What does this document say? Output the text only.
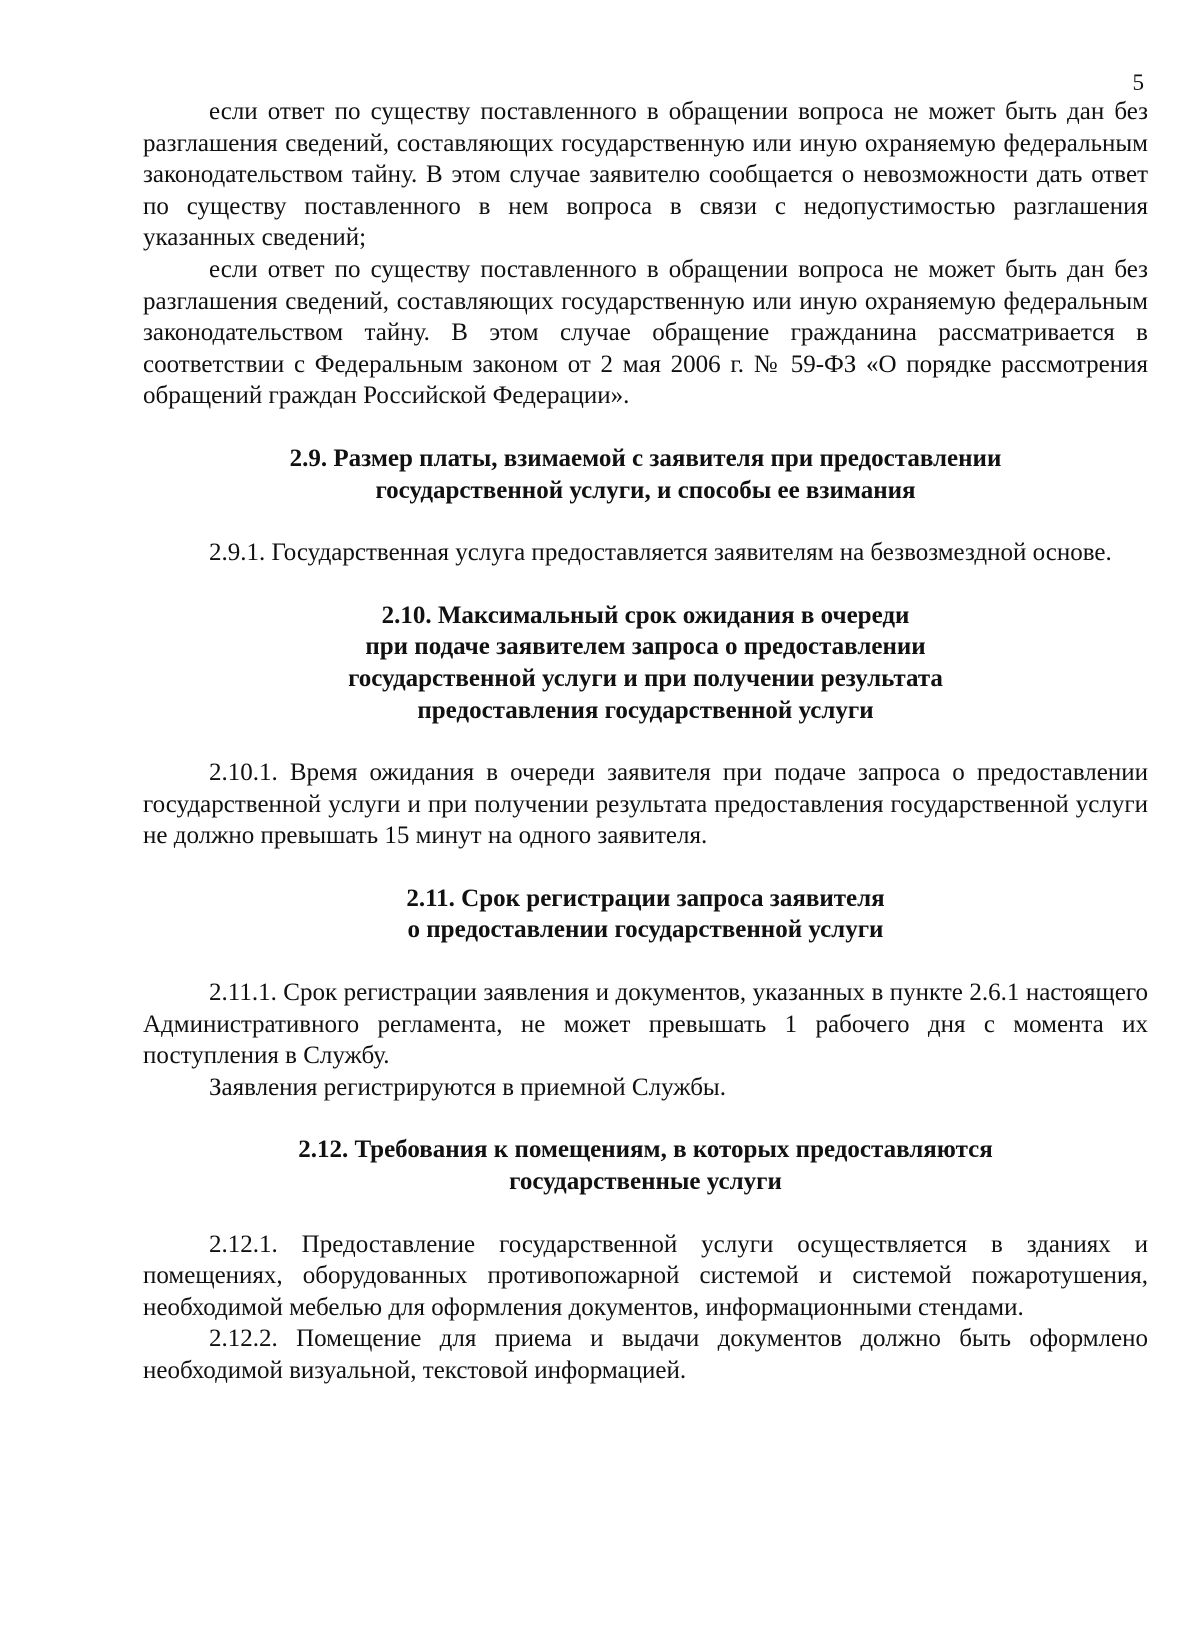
5

если ответ по существу поставленного в обращении вопроса не может быть дан без разглашения сведений, составляющих государственную или иную охраняемую федеральным законодательством тайну. В этом случае заявителю сообщается о невозможности дать ответ по существу поставленного в нем вопроса в связи с недопустимостью разглашения указанных сведений;

если ответ по существу поставленного в обращении вопроса не может быть дан без разглашения сведений, составляющих государственную или иную охраняемую федеральным законодательством тайну. В этом случае обращение гражданина рассматривается в соответствии с Федеральным законом от 2 мая 2006 г. № 59-ФЗ «О порядке рассмотрения обращений граждан Российской Федерации».

2.9. Размер платы, взимаемой с заявителя при предоставлении
государственной услуги, и способы ее взимания

2.9.1. Государственная услуга предоставляется заявителям на безвозмездной основе.

2.10. Максимальный срок ожидания в очереди
при подаче заявителем запроса о предоставлении
государственной услуги и при получении результата
предоставления государственной услуги

2.10.1. Время ожидания в очереди заявителя при подаче запроса о предоставлении государственной услуги и при получении результата предоставления государственной услуги не должно превышать 15 минут на одного заявителя.

2.11. Срок регистрации запроса заявителя
о предоставлении государственной услуги

2.11.1. Срок регистрации заявления и документов, указанных в пункте 2.6.1 настоящего Административного регламента, не может превышать 1 рабочего дня с момента их поступления в Службу.

Заявления регистрируются в приемной Службы.

2.12. Требования к помещениям, в которых предоставляются
государственные услуги

2.12.1. Предоставление государственной услуги осуществляется в зданиях и помещениях, оборудованных противопожарной системой и системой пожаротушения, необходимой мебелью для оформления документов, информационными стендами.

2.12.2. Помещение для приема и выдачи документов должно быть оформлено необходимой визуальной, текстовой информацией.
